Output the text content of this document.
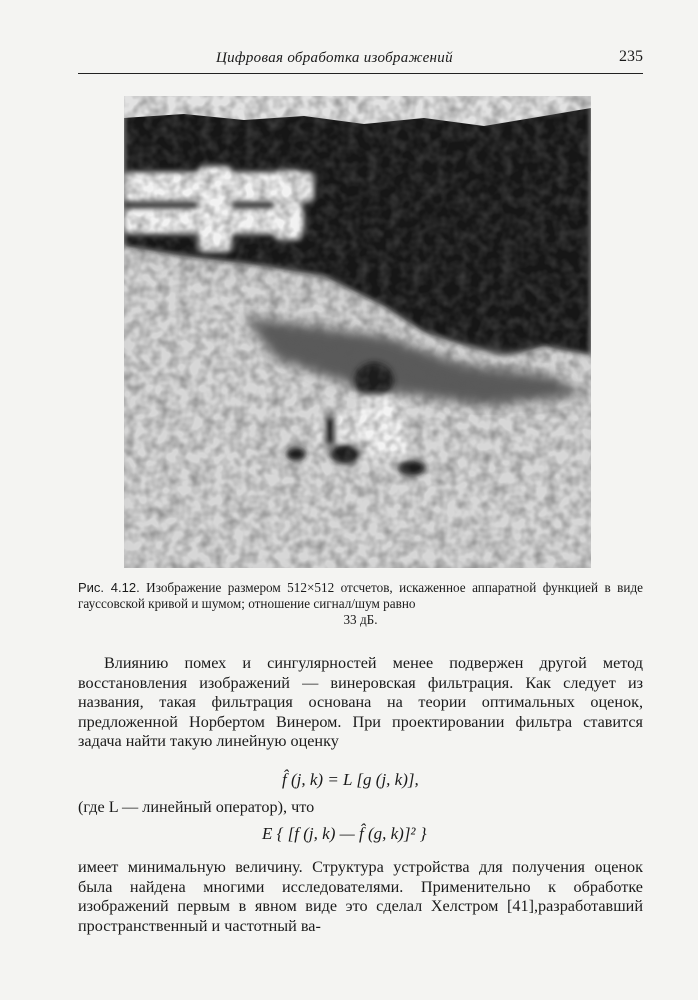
Цифровая обработка изображений	235
Рис. 4.12. Изображение размером 512×512 отсчетов, искаженное аппаратной функцией в виде гауссовской кривой и шумом; отношение сигнал/шум равно
33 дБ.
Влиянию помех и сингулярностей менее подвержен другой метод восстановления изображений — винеровская фильтрация. Как следует из названия, такая фильтрация основана на теории оптимальных оценок, предложенной Норбертом Винером. При проектировании фильтра ставится задача найти такую линейную оценку
f̂ (j, k) = L [g (j, k)],
(где L — линейный оператор), что
E { [f (j, k) — f̂ (g, k)]² }
имеет минимальную величину. Структура устройства для получения оценок была найдена многими исследователями. Применительно к обработке изображений первым в явном виде это сделал Хелстром [41],разработавший пространственный и частотный ва-
